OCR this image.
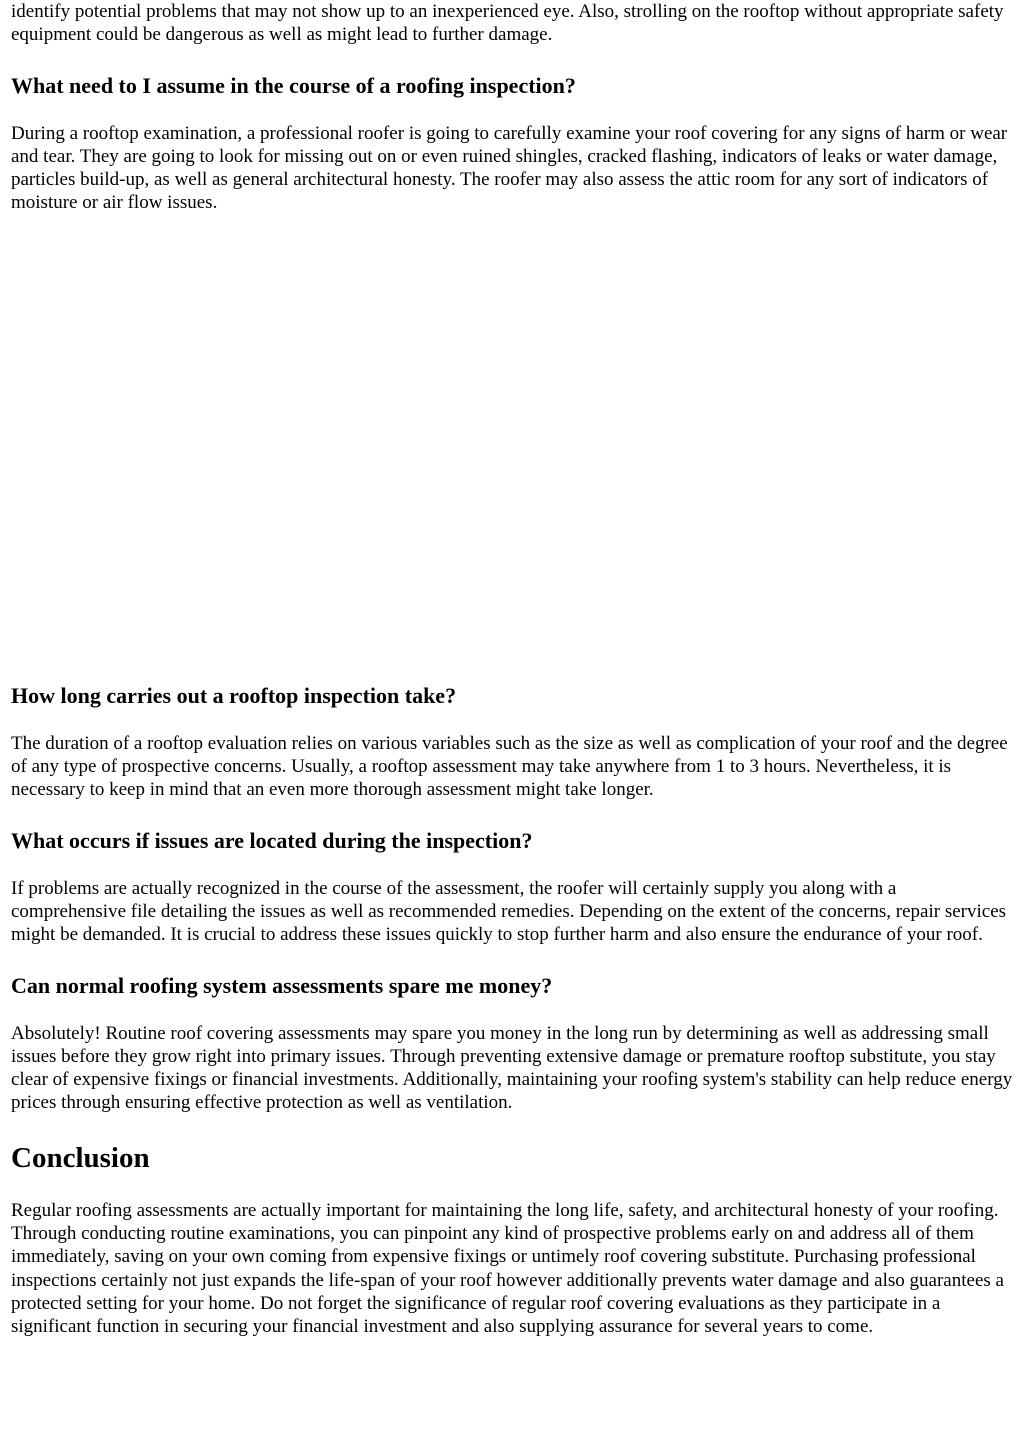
identify potential problems that may not show up to an inexperienced eye. Also, strolling on the rooftop without appropriate safety equipment could be dangerous as well as might lead to further damage.

What need to I assume in the course of a roofing inspection?

During a rooftop examination, a professional roofer is going to carefully examine your roof covering for any signs of harm or wear and tear. They are going to look for missing out on or even ruined shingles, cracked flashing, indicators of leaks or water damage, particles build-up, as well as general architectural honesty. The roofer may also assess the attic room for any sort of indicators of moisture or air flow issues.

How long carries out a rooftop inspection take?

The duration of a rooftop evaluation relies on various variables such as the size as well as complication of your roof and the degree of any type of prospective concerns. Usually, a rooftop assessment may take anywhere from 1 to 3 hours. Nevertheless, it is necessary to keep in mind that an even more thorough assessment might take longer.

What occurs if issues are located during the inspection?

If problems are actually recognized in the course of the assessment, the roofer will certainly supply you along with a comprehensive file detailing the issues as well as recommended remedies. Depending on the extent of the concerns, repair services might be demanded. It is crucial to address these issues quickly to stop further harm and also ensure the endurance of your roof.

Can normal roofing system assessments spare me money?

Absolutely! Routine roof covering assessments may spare you money in the long run by determining as well as addressing small issues before they grow right into primary issues. Through preventing extensive damage or premature rooftop substitute, you stay clear of expensive fixings or financial investments. Additionally, maintaining your roofing system's stability can help reduce energy prices through ensuring effective protection as well as ventilation.

Conclusion

Regular roofing assessments are actually important for maintaining the long life, safety, and architectural honesty of your roofing. Through conducting routine examinations, you can pinpoint any kind of prospective problems early on and address all of them immediately, saving on your own coming from expensive fixings or untimely roof covering substitute. Purchasing professional inspections certainly not just expands the life-span of your roof however additionally prevents water damage and also guarantees a protected setting for your home. Do not forget the significance of regular roof covering evaluations as they participate in a significant function in securing your financial investment and also supplying assurance for several years to come.
